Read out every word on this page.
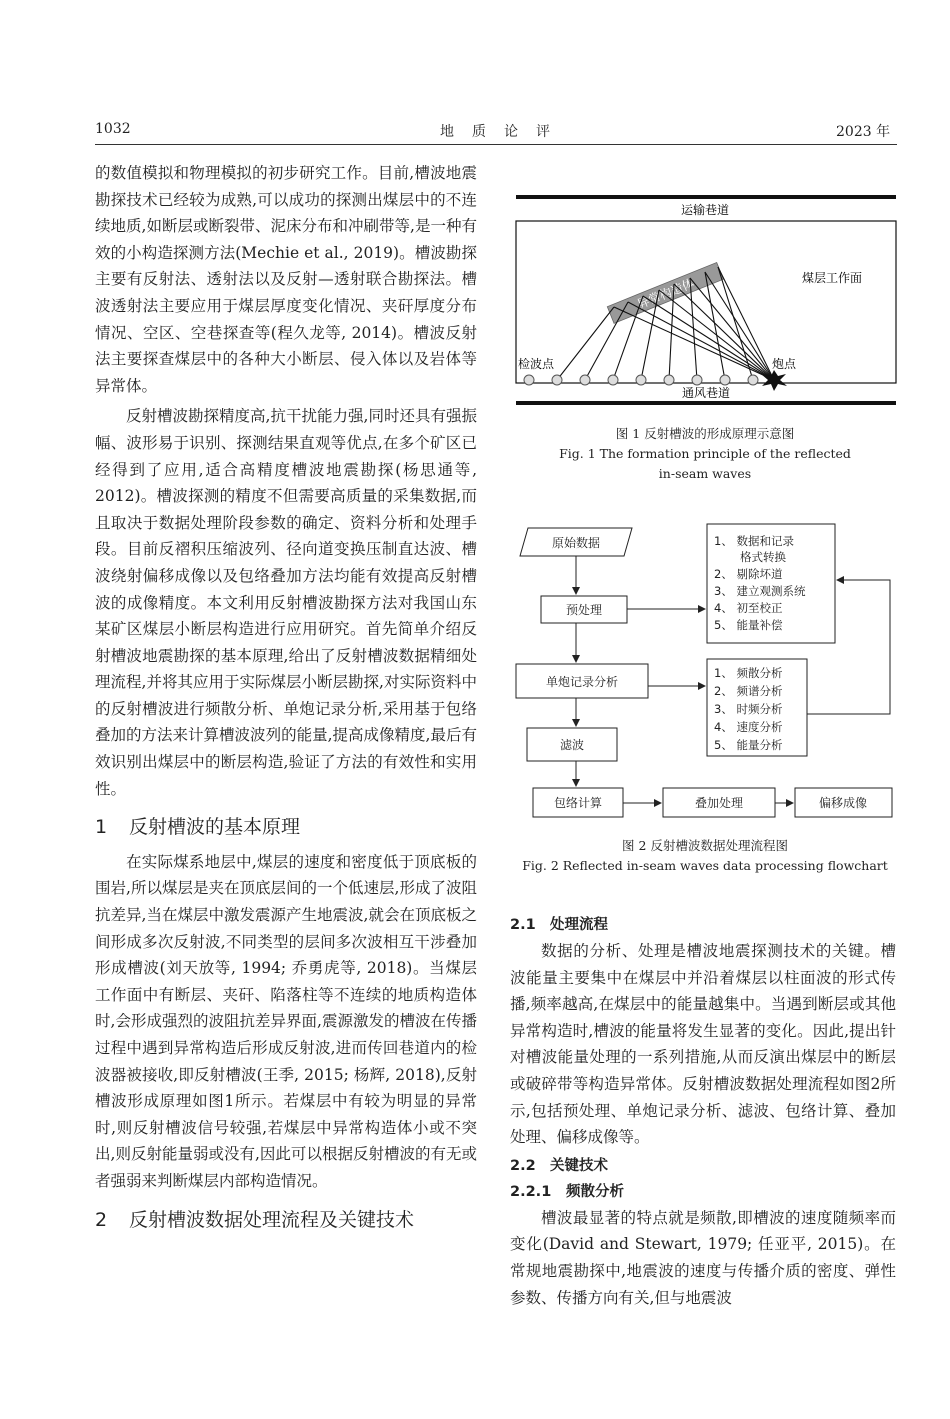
1032	地　质　论　评	2023 年

的数值模拟和物理模拟的初步研究工作。目前,槽波地震勘探技术已经较为成熟,可以成功的探测出煤层中的不连续地质,如断层或断裂带、泥床分布和冲刷带等,是一种有效的小构造探测方法(Mechie et al., 2019)。槽波勘探主要有反射法、透射法以及反射—透射联合勘探法。槽波透射法主要应用于煤层厚度变化情况、夹矸厚度分布情况、空区、空巷探查等(程久龙等, 2014)。槽波反射法主要探查煤层中的各种大小断层、侵入体以及岩体等异常体。

反射槽波勘探精度高,抗干扰能力强,同时还具有强振幅、波形易于识别、探测结果直观等优点,在多个矿区已经得到了应用,适合高精度槽波地震勘探(杨思通等, 2012)。槽波探测的精度不但需要高质量的采集数据,而且取决于数据处理阶段参数的确定、资料分析和处理手段。目前反褶积压缩波列、径向道变换压制直达波、槽波绕射偏移成像以及包络叠加方法均能有效提高反射槽波的成像精度。本文利用反射槽波勘探方法对我国山东某矿区煤层小断层构造进行应用研究。首先简单介绍反射槽波地震勘探的基本原理,给出了反射槽波数据精细处理流程,并将其应用于实际煤层小断层勘探,对实际资料中的反射槽波进行频散分析、单炮记录分析,采用基于包络叠加的方法来计算槽波波列的能量,提高成像精度,最后有效识别出煤层中的断层构造,验证了方法的有效性和实用性。

1 反射槽波的基本原理

在实际煤系地层中,煤层的速度和密度低于顶底板的围岩,所以煤层是夹在顶底层间的一个低速层,形成了波阻抗差异,当在煤层中激发震源产生地震波,就会在顶底板之间形成多次反射波,不同类型的层间多次波相互干涉叠加形成槽波(刘天放等, 1994; 乔勇虎等, 2018)。当煤层工作面中有断层、夹矸、陷落柱等不连续的地质构造体时,会形成强烈的波阻抗差异界面,震源激发的槽波在传播过程中遇到异常构造后形成反射波,进而传回巷道内的检波器被接收,即反射槽波(王季, 2015; 杨辉, 2018),反射槽波形成原理如图1所示。若煤层中有较为明显的异常时,则反射槽波信号较强,若煤层中异常构造体小或不突出,则反射能量弱或没有,因此可以根据反射槽波的有无或者强弱来判断煤层内部构造情况。

2 反射槽波数据处理流程及关键技术
运输巷道
煤层工作面
异常构造体
检波点	炮点
通风巷道
图 1 反射槽波的形成原理示意图
Fig. 1 The formation principle of the reflected
in-seam waves
原始数据
预处理
单炮记录分析
滤波
包络计算	叠加处理	偏移成像
1、 数据和记录
格式转换
2、 剔除坏道
3、 建立观测系统
4、 初至校正
5、 能量补偿
1、 频散分析
2、 频谱分析
3、 时频分析
4、 速度分析
5、 能量分析
图 2 反射槽波数据处理流程图
Fig. 2 Reflected in-seam waves data processing flowchart
2.1 处理流程

数据的分析、处理是槽波地震探测技术的关键。槽波能量主要集中在煤层中并沿着煤层以柱面波的形式传播,频率越高,在煤层中的能量越集中。当遇到断层或其他异常构造时,槽波的能量将发生显著的变化。因此,提出针对槽波能量处理的一系列措施,从而反演出煤层中的断层或破碎带等构造异常体。反射槽波数据处理流程如图2所示,包括预处理、单炮记录分析、滤波、包络计算、叠加处理、偏移成像等。

2.2 关键技术
2.2.1 频散分析

槽波最显著的特点就是频散,即槽波的速度随频率而变化(David and Stewart, 1979; 任亚平, 2015)。在常规地震勘探中,地震波的速度与传播介质的密度、弹性参数、传播方向有关,但与地震波
